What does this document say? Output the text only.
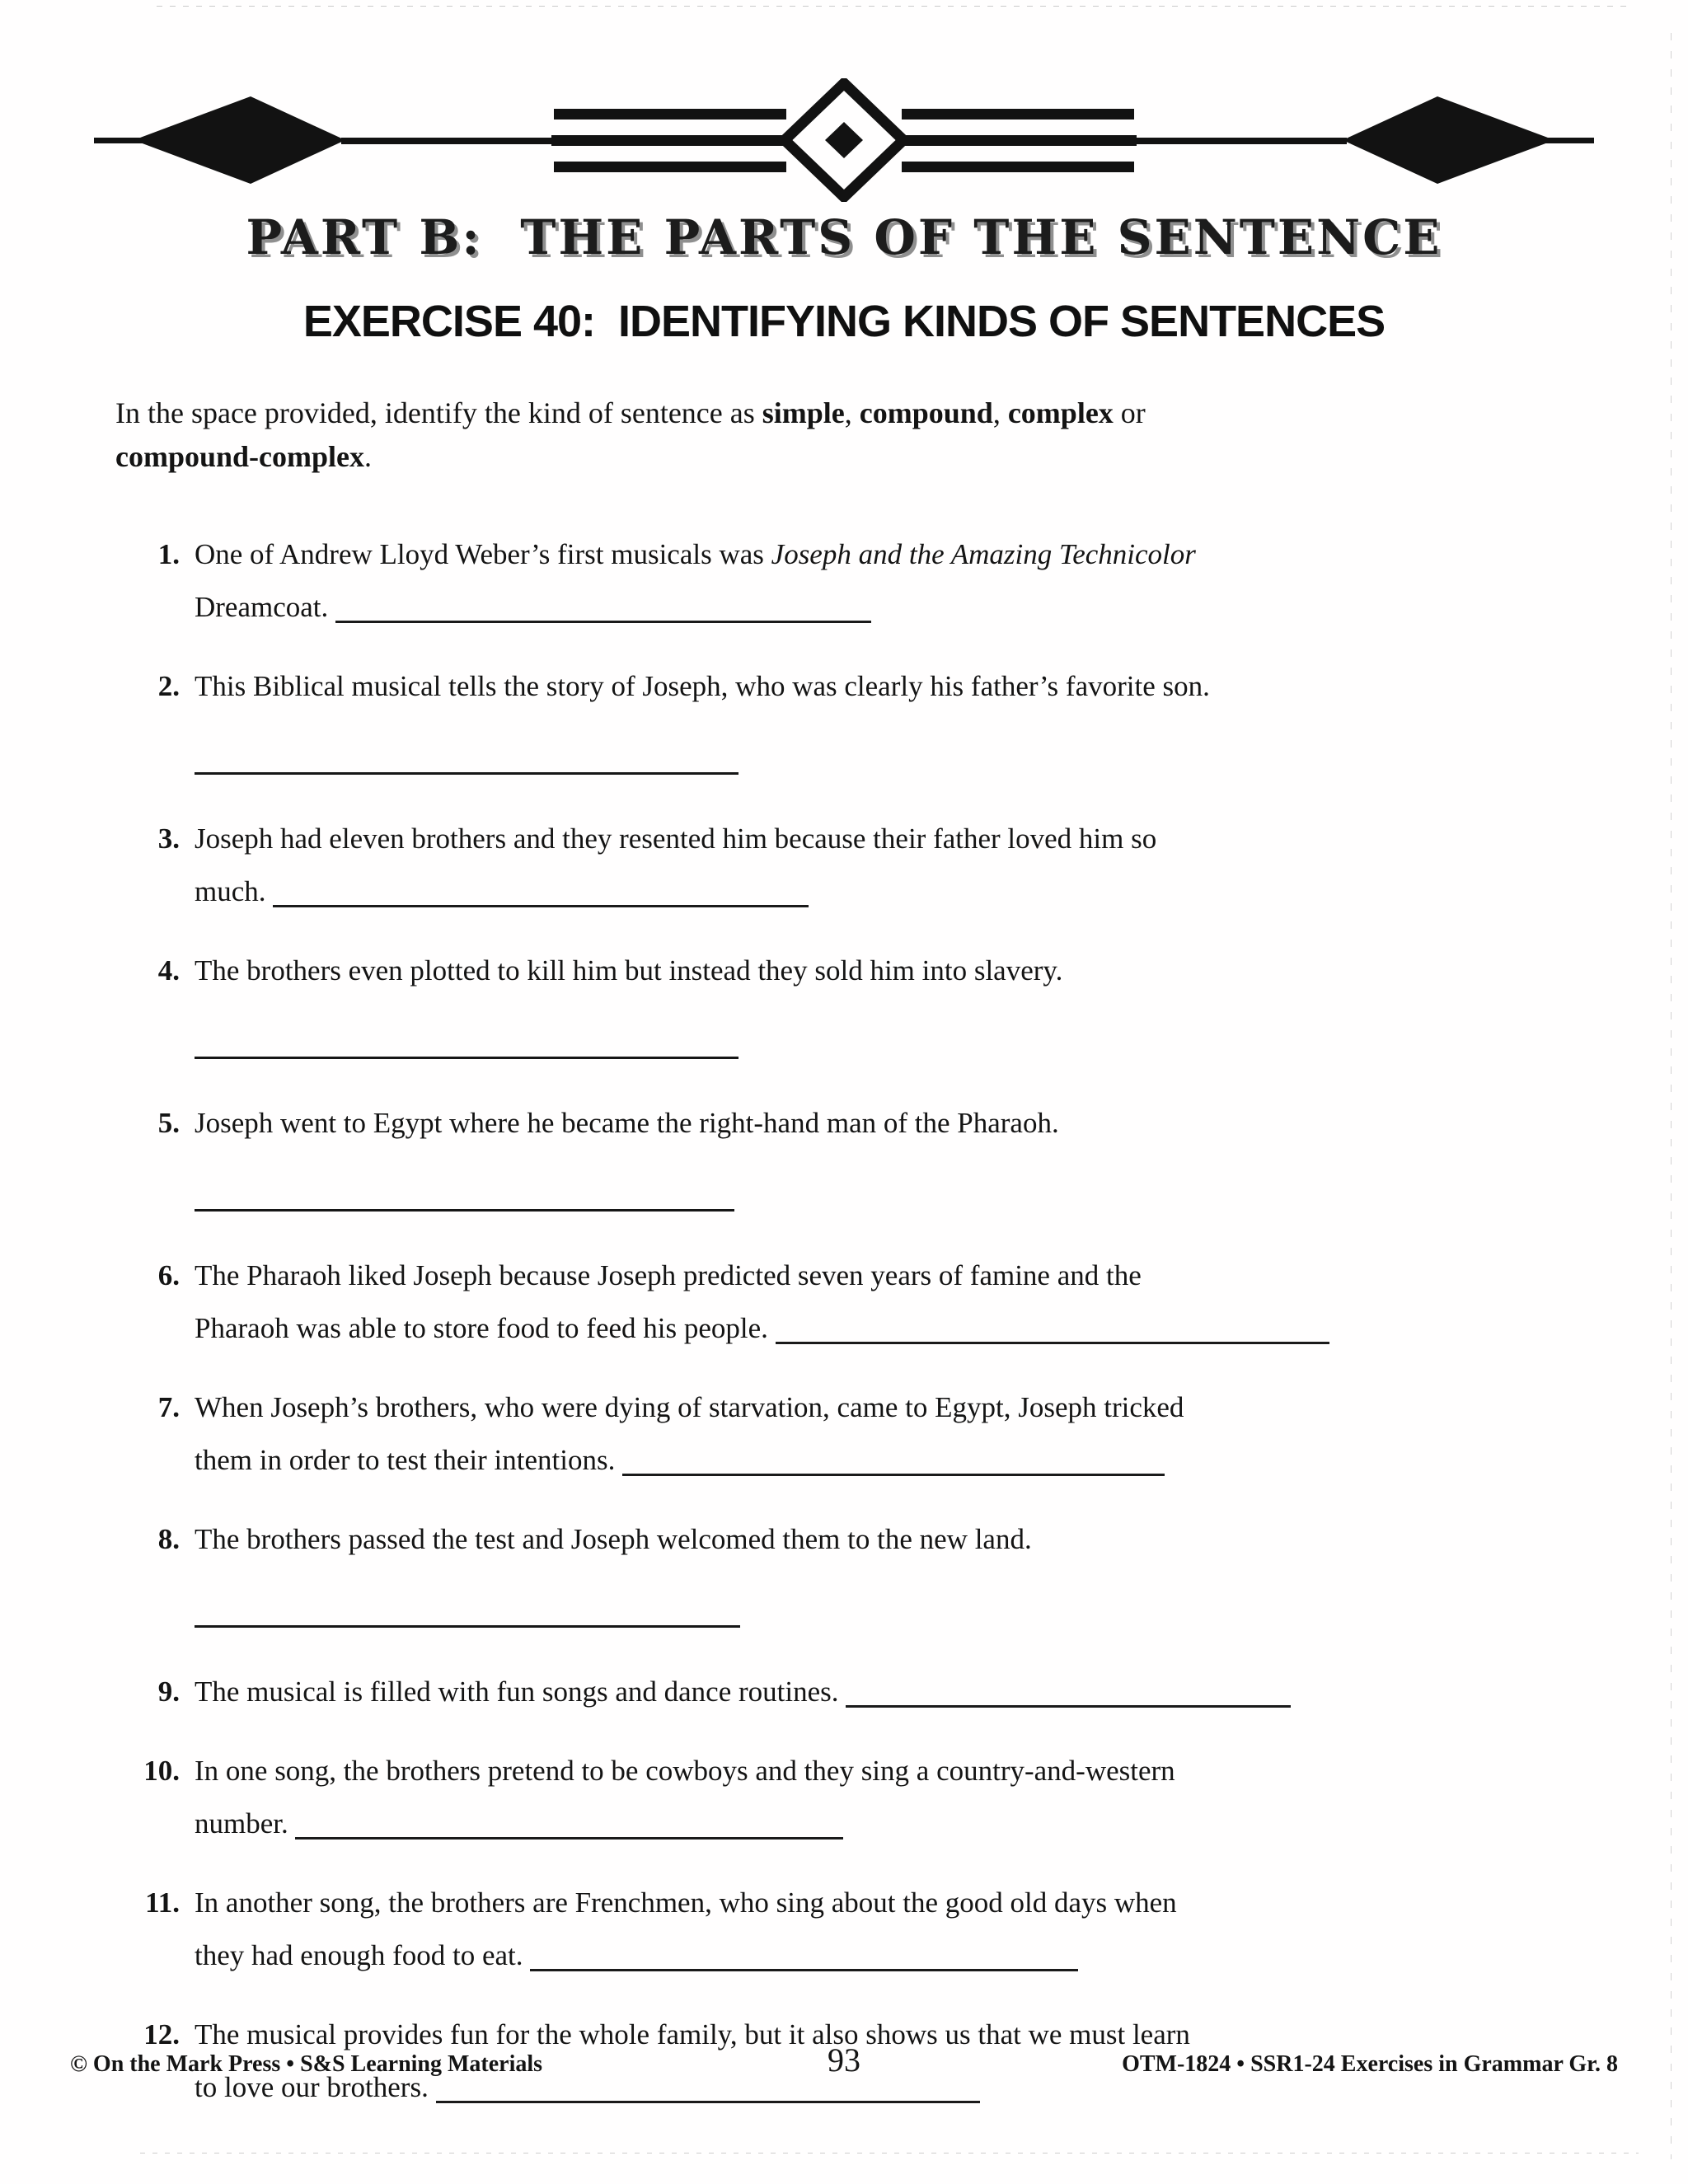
PART B:  THE PARTS OF THE SENTENCE
EXERCISE 40:  IDENTIFYING KINDS OF SENTENCES

In the space provided, identify the kind of sentence as simple, compound, complex or
compound-complex.

1. One of Andrew Lloyd Weber’s first musicals was Joseph and the Amazing Technicolor
Dreamcoat.
2. This Biblical musical tells the story of Joseph, who was clearly his father’s favorite son.
3. Joseph had eleven brothers and they resented him because their father loved him so
much.
4. The brothers even plotted to kill him but instead they sold him into slavery.
5. Joseph went to Egypt where he became the right-hand man of the Pharaoh.
6. The Pharaoh liked Joseph because Joseph predicted seven years of famine and the
Pharaoh was able to store food to feed his people.
7. When Joseph’s brothers, who were dying of starvation, came to Egypt, Joseph tricked
them in order to test their intentions.
8. The brothers passed the test and Joseph welcomed them to the new land.
9. The musical is filled with fun songs and dance routines.
10. In one song, the brothers pretend to be cowboys and they sing a country-and-western
number.
11. In another song, the brothers are Frenchmen, who sing about the good old days when
they had enough food to eat.
12. The musical provides fun for the whole family, but it also shows us that we must learn
to love our brothers.
© On the Mark Press • S&S Learning Materials	93	OTM-1824 • SSR1-24 Exercises in Grammar Gr. 8
